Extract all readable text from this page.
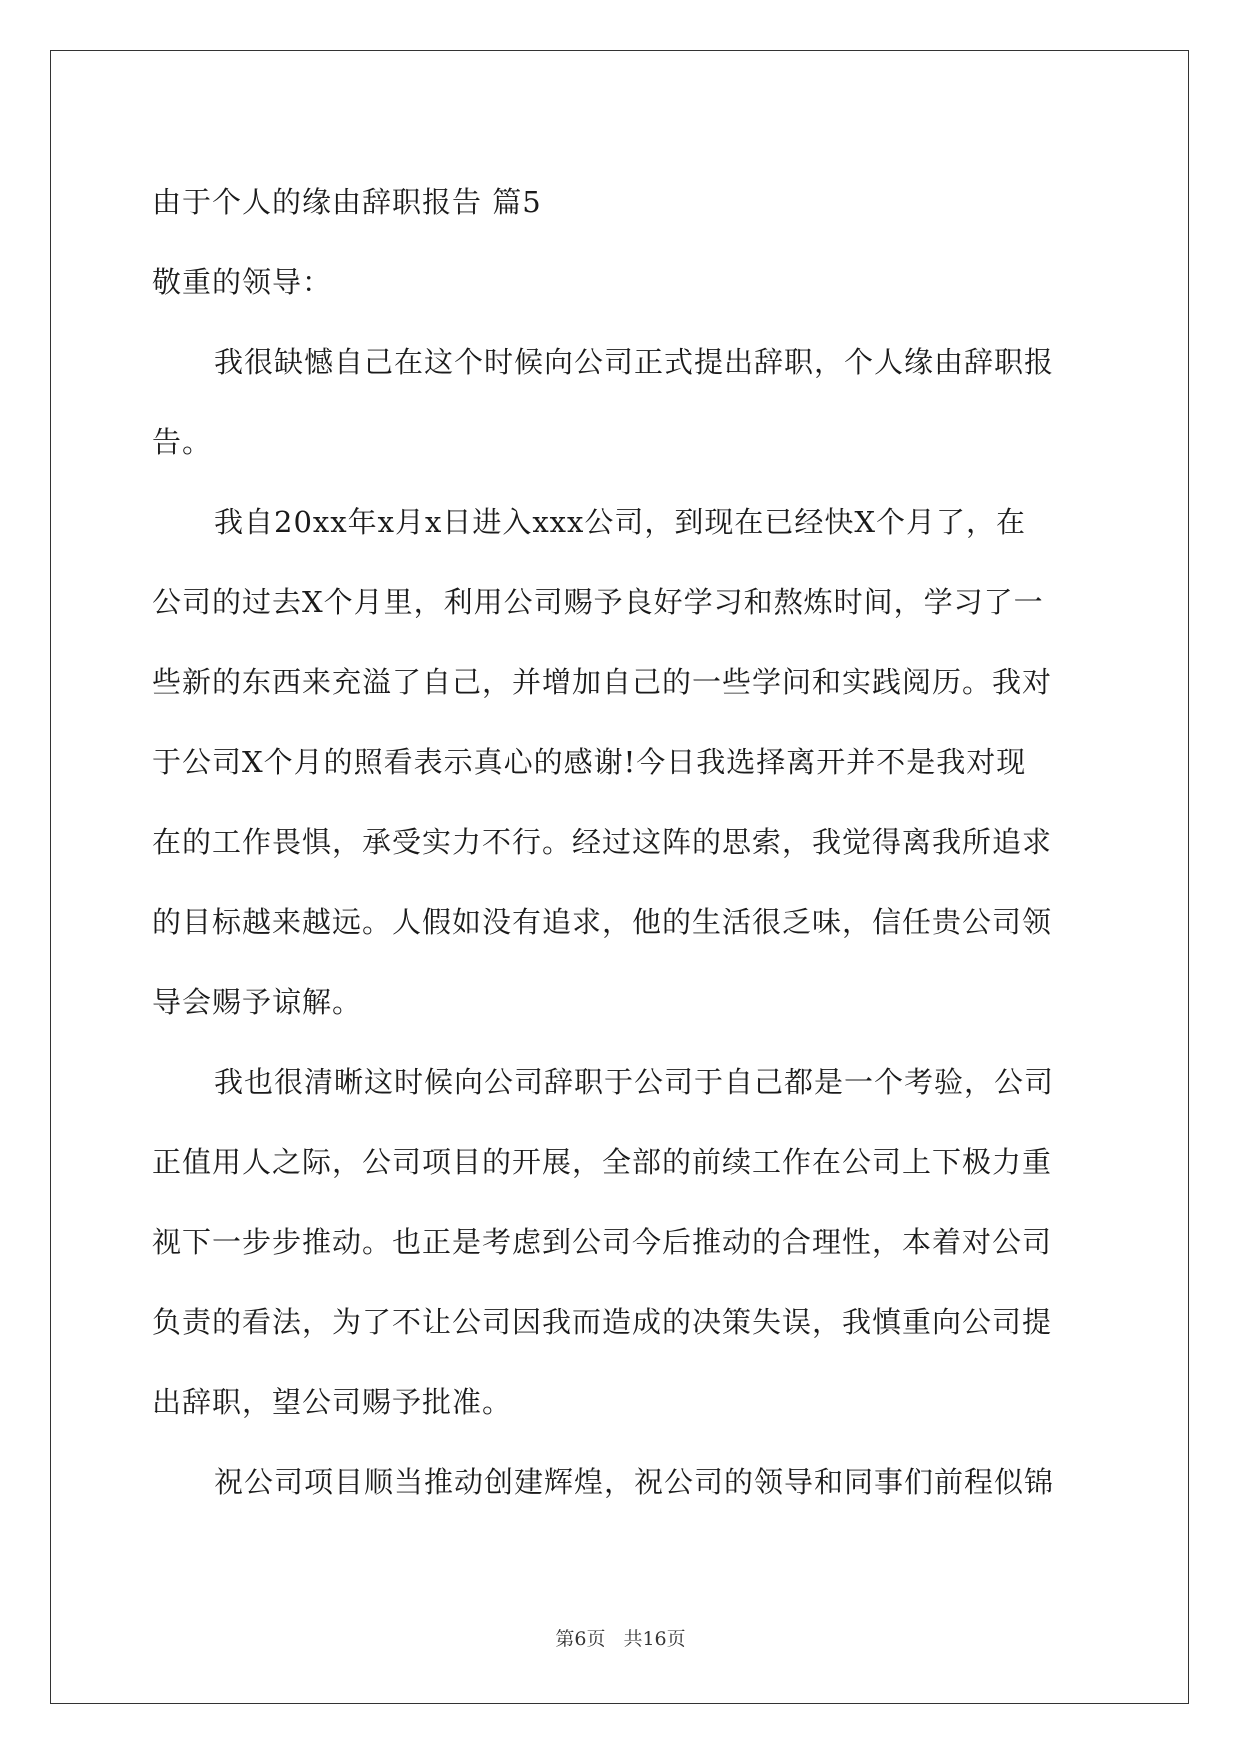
由于个人的缘由辞职报告 篇5
敬重的领导：
我很缺憾自己在这个时候向公司正式提出辞职，个人缘由辞职报
告。
我自20xx年x月x日进入xxx公司，到现在已经快X个月了，在
公司的过去X个月里，利用公司赐予良好学习和熬炼时间，学习了一
些新的东西来充溢了自己，并增加自己的一些学问和实践阅历。我对
于公司X个月的照看表示真心的感谢!今日我选择离开并不是我对现
在的工作畏惧，承受实力不行。经过这阵的思索，我觉得离我所追求
的目标越来越远。人假如没有追求，他的生活很乏味，信任贵公司领
导会赐予谅解。
我也很清晰这时候向公司辞职于公司于自己都是一个考验，公司
正值用人之际，公司项目的开展，全部的前续工作在公司上下极力重
视下一步步推动。也正是考虑到公司今后推动的合理性，本着对公司
负责的看法，为了不让公司因我而造成的决策失误，我慎重向公司提
出辞职，望公司赐予批准。
祝公司项目顺当推动创建辉煌，祝公司的领导和同事们前程似锦
第6页 共16页
